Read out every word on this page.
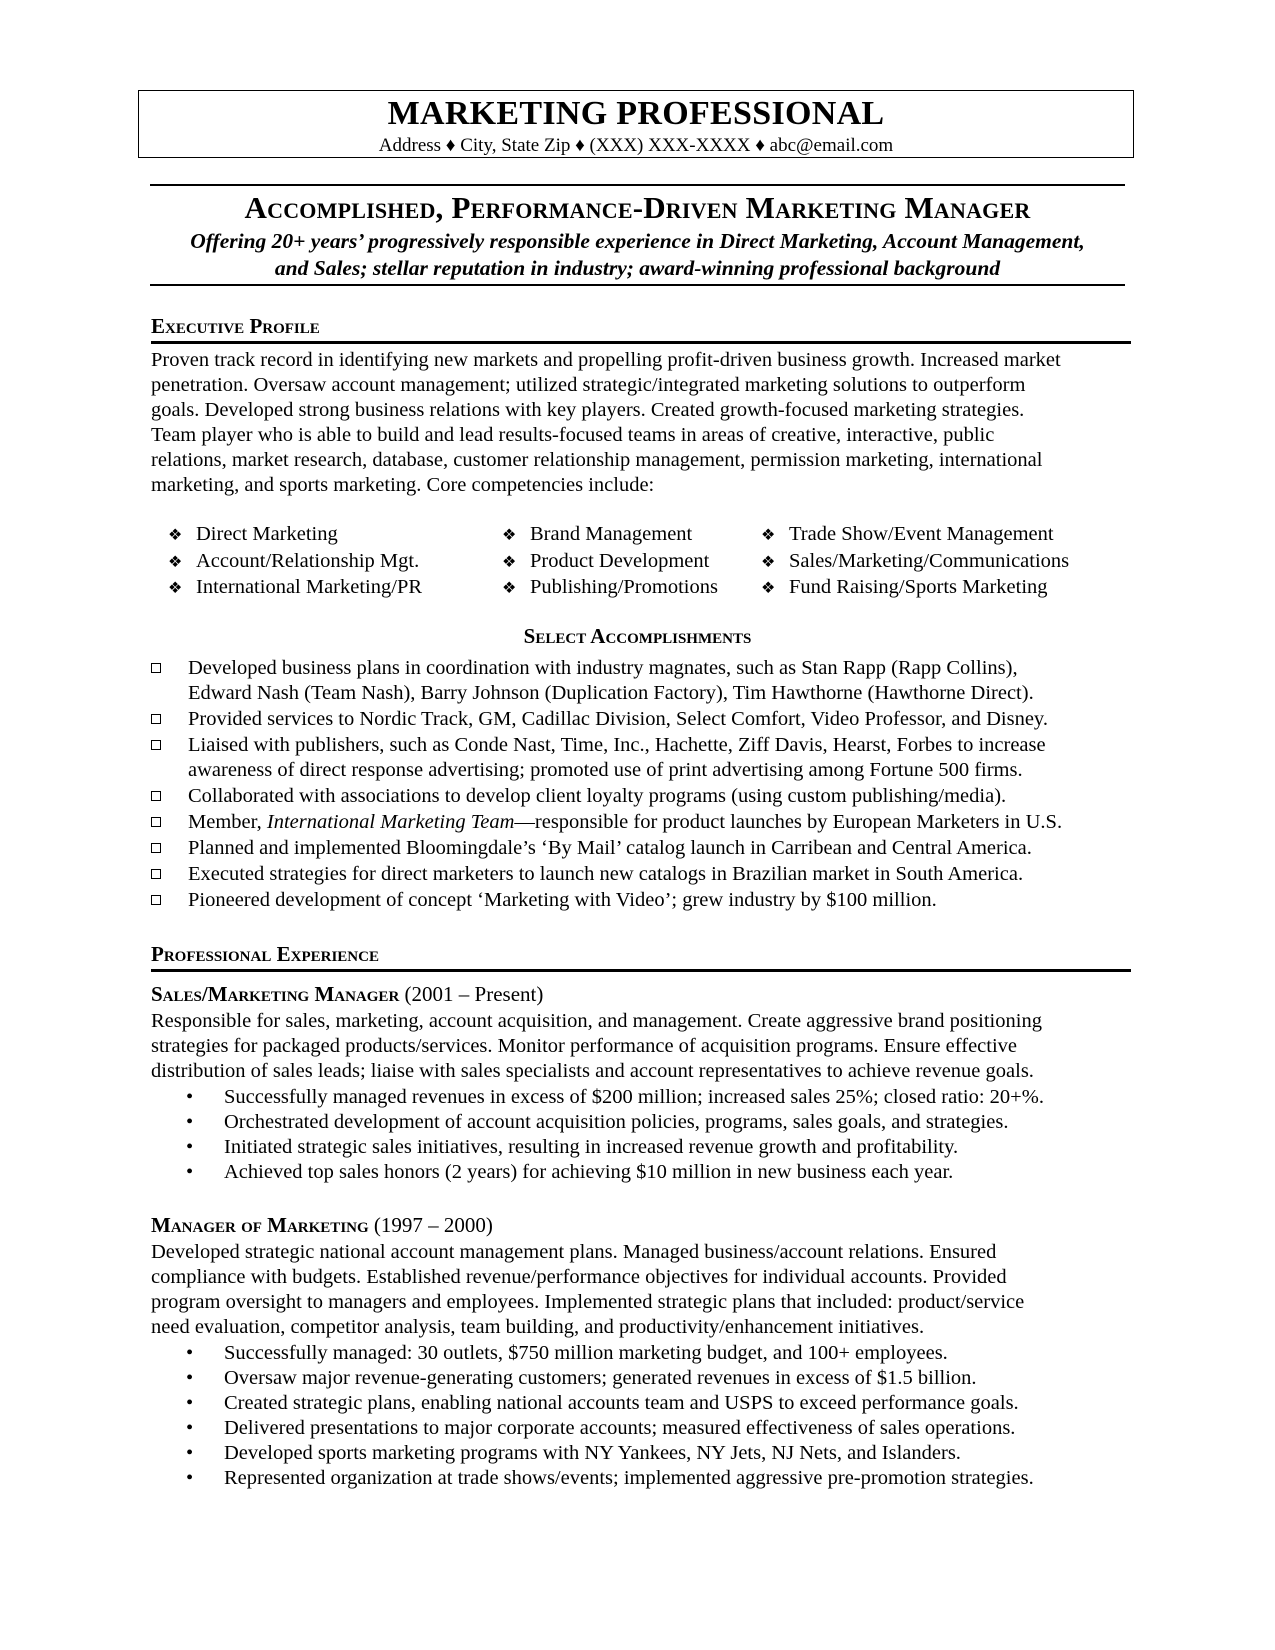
MARKETING PROFESSIONAL
Address ♦ City, State Zip ♦ (XXX) XXX-XXXX ♦ abc@email.com
Accomplished, Performance-Driven Marketing Manager
Offering 20+ years’ progressively responsible experience in Direct Marketing, Account Management,
and Sales; stellar reputation in industry; award-winning professional background
Executive Profile
Proven track record in identifying new markets and propelling profit-driven business growth. Increased market
penetration. Oversaw account management; utilized strategic/integrated marketing solutions to outperform
goals. Developed strong business relations with key players. Created growth-focused marketing strategies.
Team player who is able to build and lead results-focused teams in areas of creative, interactive, public
relations, market research, database, customer relationship management, permission marketing, international
marketing, and sports marketing. Core competencies include:
❖ Direct Marketing
❖ Account/Relationship Mgt.
❖ International Marketing/PR
❖ Brand Management
❖ Product Development
❖ Publishing/Promotions
❖ Trade Show/Event Management
❖ Sales/Marketing/Communications
❖ Fund Raising/Sports Marketing
Select Accomplishments
Developed business plans in coordination with industry magnates, such as Stan Rapp (Rapp Collins),
Edward Nash (Team Nash), Barry Johnson (Duplication Factory), Tim Hawthorne (Hawthorne Direct).
Provided services to Nordic Track, GM, Cadillac Division, Select Comfort, Video Professor, and Disney.
Liaised with publishers, such as Conde Nast, Time, Inc., Hachette, Ziff Davis, Hearst, Forbes to increase
awareness of direct response advertising; promoted use of print advertising among Fortune 500 firms.
Collaborated with associations to develop client loyalty programs (using custom publishing/media).
Member, International Marketing Team—responsible for product launches by European Marketers in U.S.
Planned and implemented Bloomingdale’s ‘By Mail’ catalog launch in Carribean and Central America.
Executed strategies for direct marketers to launch new catalogs in Brazilian market in South America.
Pioneered development of concept ‘Marketing with Video’; grew industry by $100 million.
Professional Experience
Sales/Marketing Manager (2001 – Present)
Responsible for sales, marketing, account acquisition, and management. Create aggressive brand positioning
strategies for packaged products/services. Monitor performance of acquisition programs. Ensure effective
distribution of sales leads; liaise with sales specialists and account representatives to achieve revenue goals.
• Successfully managed revenues in excess of $200 million; increased sales 25%; closed ratio: 20+%.
• Orchestrated development of account acquisition policies, programs, sales goals, and strategies.
• Initiated strategic sales initiatives, resulting in increased revenue growth and profitability.
• Achieved top sales honors (2 years) for achieving $10 million in new business each year.
Manager of Marketing (1997 – 2000)
Developed strategic national account management plans. Managed business/account relations. Ensured
compliance with budgets. Established revenue/performance objectives for individual accounts. Provided
program oversight to managers and employees. Implemented strategic plans that included: product/service
need evaluation, competitor analysis, team building, and productivity/enhancement initiatives.
• Successfully managed: 30 outlets, $750 million marketing budget, and 100+ employees.
• Oversaw major revenue-generating customers; generated revenues in excess of $1.5 billion.
• Created strategic plans, enabling national accounts team and USPS to exceed performance goals.
• Delivered presentations to major corporate accounts; measured effectiveness of sales operations.
• Developed sports marketing programs with NY Yankees, NY Jets, NJ Nets, and Islanders.
• Represented organization at trade shows/events; implemented aggressive pre-promotion strategies.
